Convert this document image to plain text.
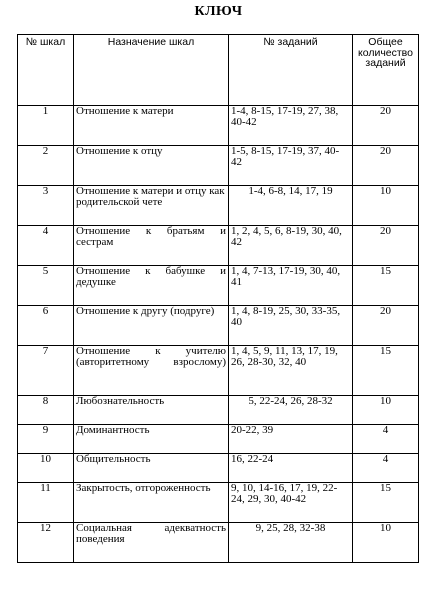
КЛЮЧ
№ шкал	Назначение шкал	№ заданий	Общее количество заданий
1	Отношение к матери	1-4, 8-15, 17-19, 27, 38, 40-42	20
2	Отношение к отцу	1-5, 8-15, 17-19, 37, 40-42	20
3	Отношение к матери и отцу как родительской чете	1-4, 6-8, 14, 17, 19	10
4	Отношение к братьям и сестрам	1, 2, 4, 5, 6, 8-19, 30, 40, 42	20
5	Отношение к бабушке и дедушке	1, 4, 7-13, 17-19, 30, 40, 41	15
6	Отношение к другу (подруге)	1, 4, 8-19, 25, 30, 33-35, 40	20
7	Отношение к учителю (авторитетному взрослому)	1, 4, 5, 9, 11, 13, 17, 19, 26, 28-30, 32, 40	15
8	Любознательность	5, 22-24, 26, 28-32	10
9	Доминантность	20-22, 39	4
10	Общительность	16, 22-24	4
11	Закрытость, отгороженность	9, 10, 14-16, 17, 19, 22-24, 29, 30, 40-42	15
12	Социальная адекватность поведения	9, 25, 28, 32-38	10
